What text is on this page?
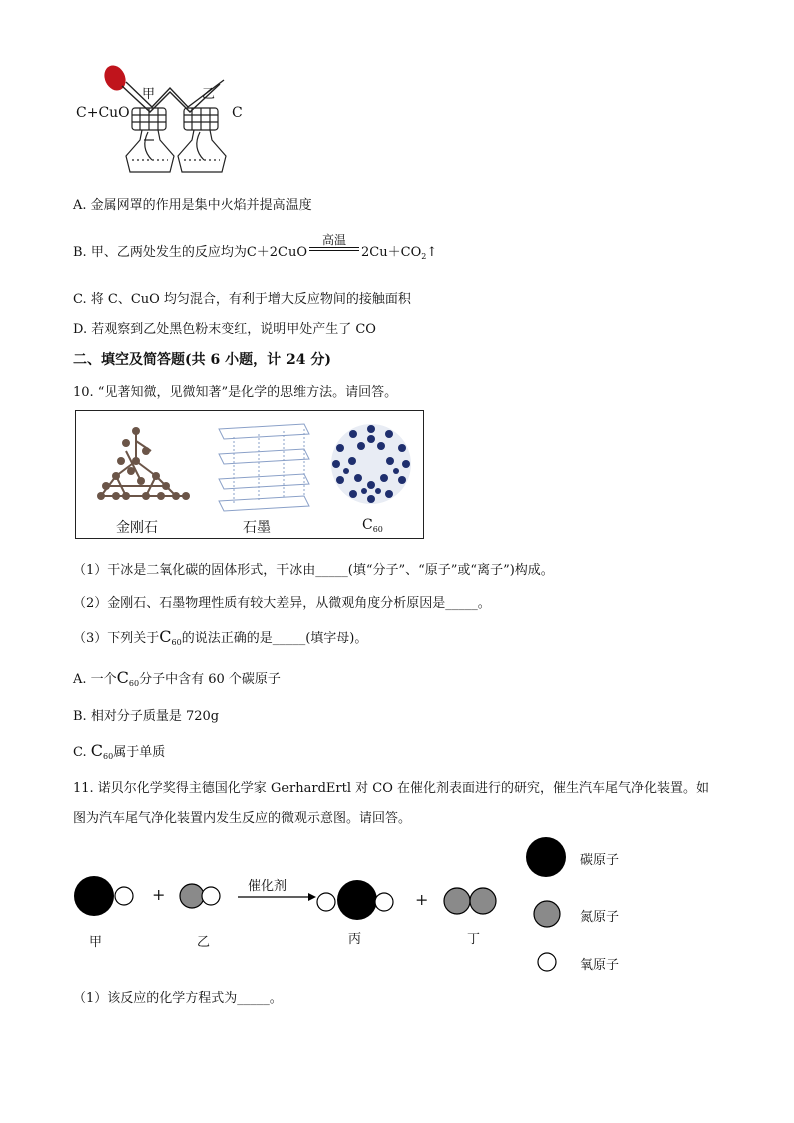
C+CuO	C
甲	乙
A. 金属网罩的作用是集中火焰并提高温度
B. 甲、乙两处发生的反应均为C＋2CuO
高温
$2Cu+CO_2↑$
C. 将 C、CuO 均匀混合，有利于增大反应物间的接触面积
D. 若观察到乙处黑色粉末变红，说明甲处产生了 CO
二、填空及简答题(共 6 小题，计 24 分)
10. “见著知微，见微知著”是化学的思维方法。请回答。
金刚石	石墨	$C_{60}$
（1）干冰是二氧化碳的固体形式，干冰由_____(填“分子”、“原子”或“离子”)构成。
（2）金刚石、石墨物理性质有较大差异，从微观角度分析原因是_____。
（3）下列关于$C_{60}$的说法正确的是_____(填字母)。
A. 一个$C_{60}$分子中含有 60 个碳原子
B. 相对分子质量是 720g
C. $C_{60}$属于单质
11. 诺贝尔化学奖得主德国化学家 GerhardErtl 对 CO 在催化剂表面进行的研究，催生汽车尾气净化装置。如
图为汽车尾气净化装置内发生反应的微观示意图。请回答。
+	+
催化剂
甲	乙	丙	丁
碳原子
氮原子
氧原子
（1）该反应的化学方程式为_____。
